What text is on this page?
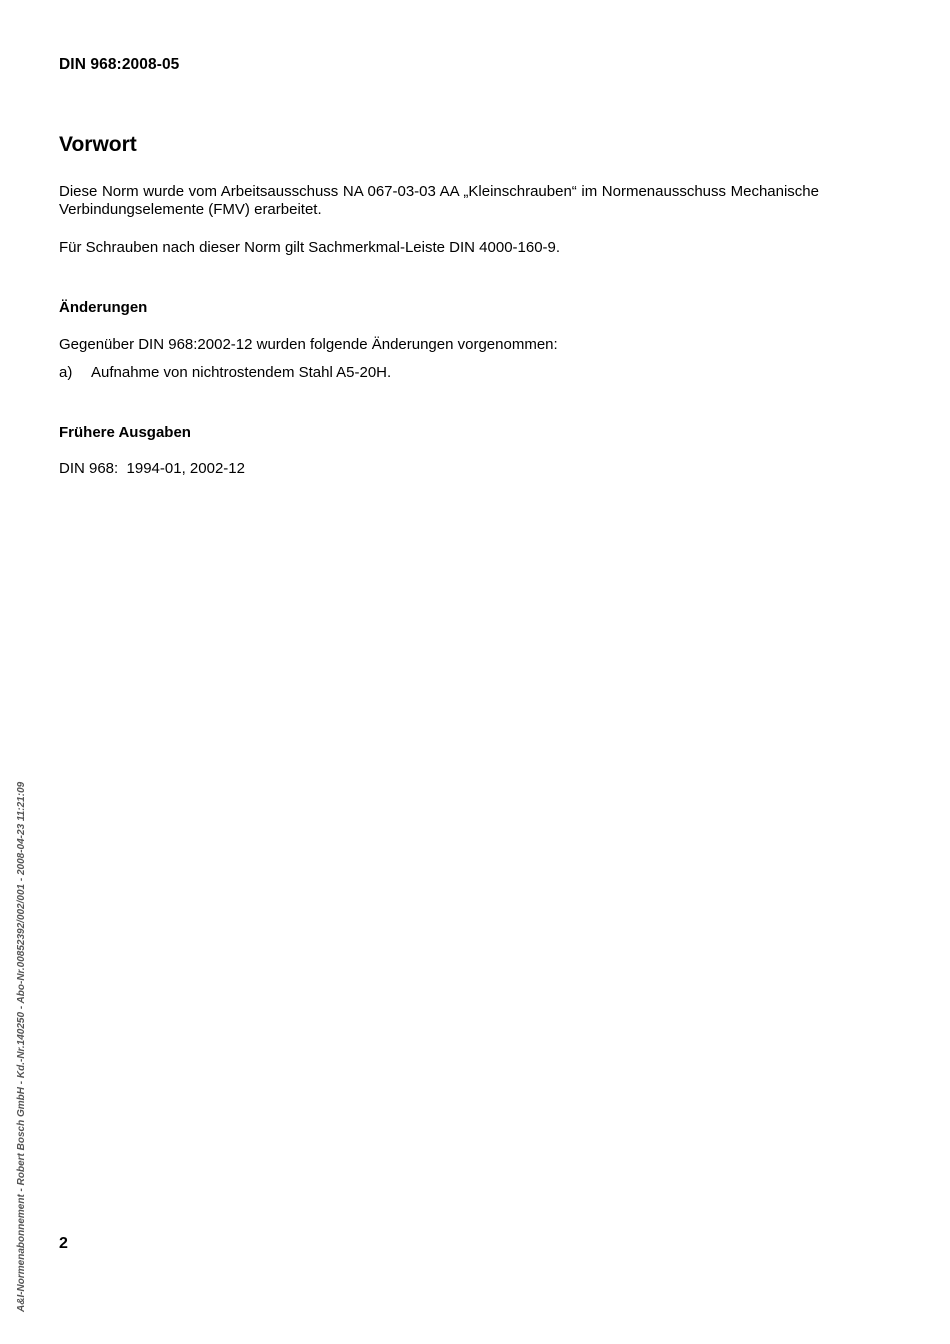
DIN 968:2008-05
Vorwort

Diese Norm wurde vom Arbeitsausschuss NA 067-03-03 AA „Kleinschrauben“ im Normenausschuss Mechanische Verbindungselemente (FMV) erarbeitet.

Für Schrauben nach dieser Norm gilt Sachmerkmal-Leiste DIN 4000-160-9.

Änderungen

Gegenüber DIN 968:2002-12 wurden folgende Änderungen vorgenommen:

a)	Aufnahme von nichtrostendem Stahl A5-20H.
Frühere Ausgaben

DIN 968:  1994-01, 2002-12

2
A&I-Normenabonnement - Robert Bosch GmbH - Kd.-Nr.140250 - Abo-Nr.00852392/002/001 - 2008-04-23 11:21:09
